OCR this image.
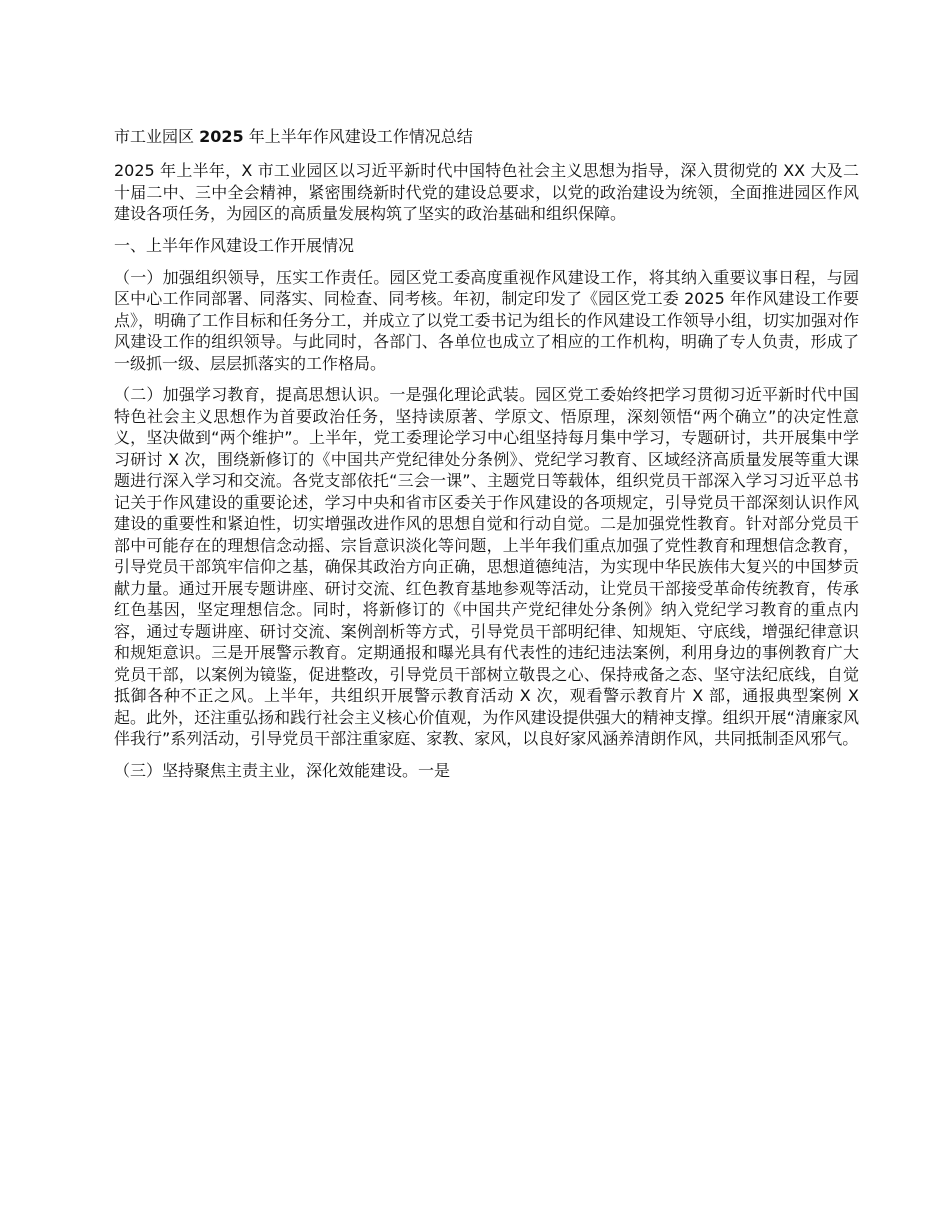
市工业园区 2025 年上半年作风建设工作情况总结

2025 年上半年，X 市工业园区以习近平新时代中国特色社会主义思想为指导，深入贯彻党的 XX 大及二十届二中、三中全会精神，紧密围绕新时代党的建设总要求，以党的政治建设为统领，全面推进园区作风建设各项任务，为园区的高质量发展构筑了坚实的政治基础和组织保障。

一、上半年作风建设工作开展情况

（一）加强组织领导，压实工作责任。园区党工委高度重视作风建设工作，将其纳入重要议事日程，与园区中心工作同部署、同落实、同检查、同考核。年初，制定印发了《园区党工委 2025 年作风建设工作要点》，明确了工作目标和任务分工，并成立了以党工委书记为组长的作风建设工作领导小组，切实加强对作风建设工作的组织领导。与此同时，各部门、各单位也成立了相应的工作机构，明确了专人负责，形成了一级抓一级、层层抓落实的工作格局。

（二）加强学习教育，提高思想认识。一是强化理论武装。园区党工委始终把学习贯彻习近平新时代中国特色社会主义思想作为首要政治任务，坚持读原著、学原文、悟原理，深刻领悟“两个确立”的决定性意义，坚决做到“两个维护”。上半年，党工委理论学习中心组坚持每月集中学习，专题研讨，共开展集中学习研讨 X 次，围绕新修订的《中国共产党纪律处分条例》、党纪学习教育、区域经济高质量发展等重大课题进行深入学习和交流。各党支部依托“三会一课”、主题党日等载体，组织党员干部深入学习习近平总书记关于作风建设的重要论述，学习中央和省市区委关于作风建设的各项规定，引导党员干部深刻认识作风建设的重要性和紧迫性，切实增强改进作风的思想自觉和行动自觉。二是加强党性教育。针对部分党员干部中可能存在的理想信念动摇、宗旨意识淡化等问题，上半年我们重点加强了党性教育和理想信念教育，引导党员干部筑牢信仰之基，确保其政治方向正确，思想道德纯洁，为实现中华民族伟大复兴的中国梦贡献力量。通过开展专题讲座、研讨交流、红色教育基地参观等活动，让党员干部接受革命传统教育，传承红色基因，坚定理想信念。同时，将新修订的《中国共产党纪律处分条例》纳入党纪学习教育的重点内容，通过专题讲座、研讨交流、案例剖析等方式，引导党员干部明纪律、知规矩、守底线，增强纪律意识和规矩意识。三是开展警示教育。定期通报和曝光具有代表性的违纪违法案例，利用身边的事例教育广大党员干部，以案例为镜鉴，促进整改，引导党员干部树立敬畏之心、保持戒备之态、坚守法纪底线，自觉抵御各种不正之风。上半年，共组织开展警示教育活动 X 次，观看警示教育片 X 部，通报典型案例 X 起。此外，还注重弘扬和践行社会主义核心价值观，为作风建设提供强大的精神支撑。组织开展“清廉家风伴我行”系列活动，引导党员干部注重家庭、家教、家风，以良好家风涵养清朗作风，共同抵制歪风邪气。

（三）坚持聚焦主责主业，深化效能建设。一是
